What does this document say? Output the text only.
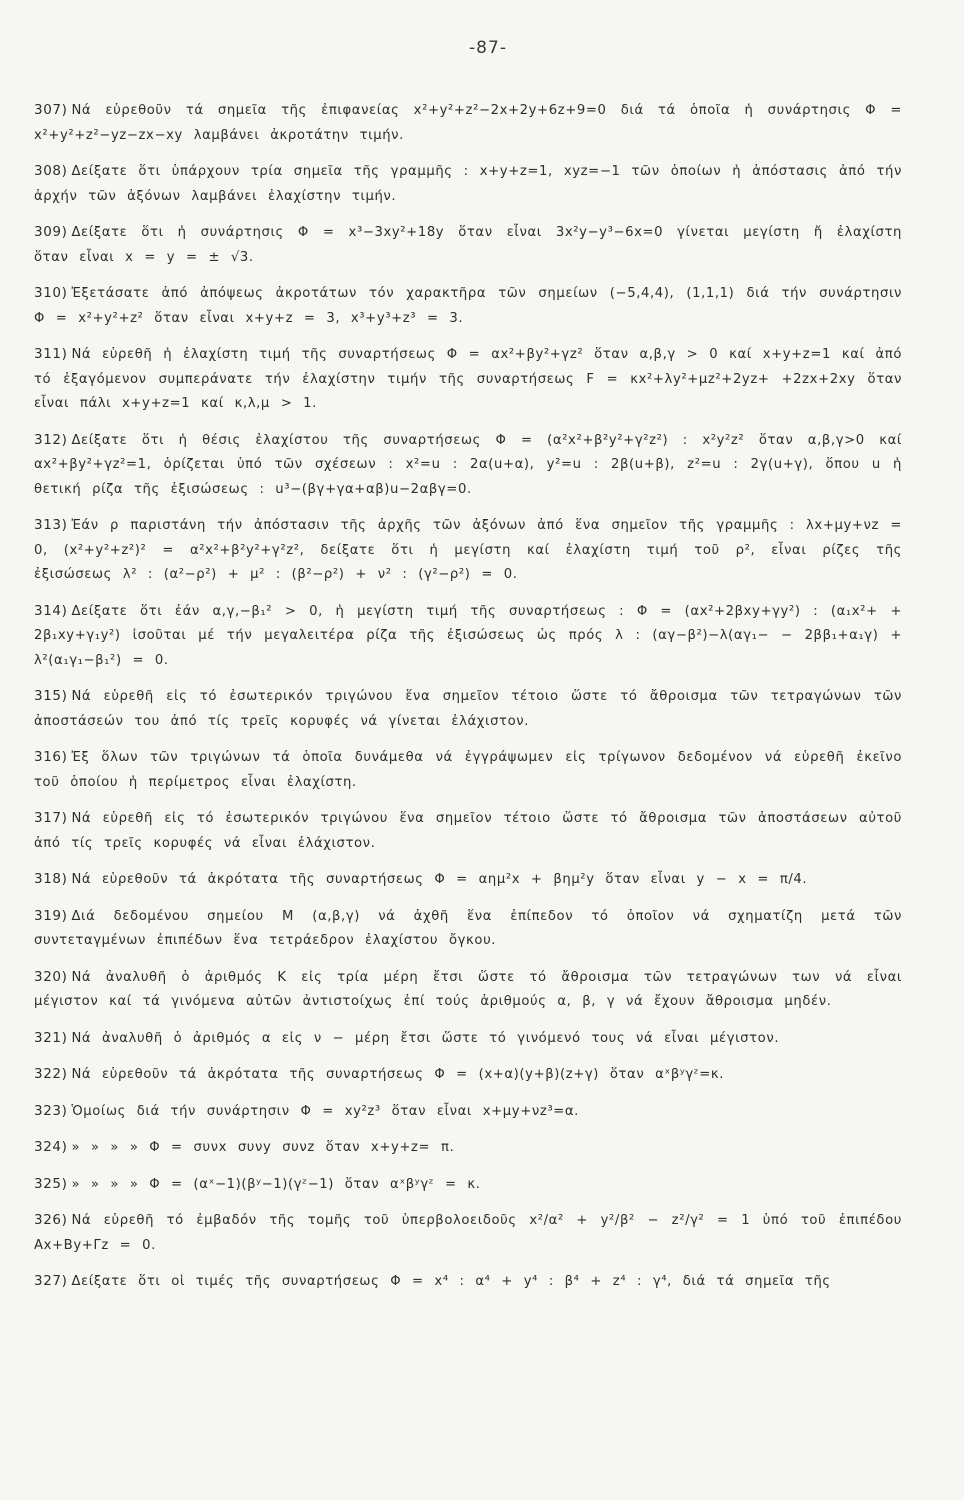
-87-
307) Νά εὑρεθοῦν τά σημεῖα τῆς ἐπιφανείας x²+y²+z²−2x+2y+6z+9=0 διά τά ὁποῖα ἡ συνάρτησις Φ = x²+y²+z²−yz−zx−xy λαμβάνει ἀκροτάτην τιμήν.
308) Δείξατε ὅτι ὑπάρχουν τρία σημεῖα τῆς γραμμῆς : x+y+z=1, xyz=−1 τῶν ὁποίων ἡ ἀπόστασις ἀπό τήν ἀρχήν τῶν ἀξόνων λαμβάνει ἐλαχίστην τιμήν.
309) Δείξατε ὅτι ἡ συνάρτησις Φ = x³−3xy²+18y ὅταν εἶναι 3x²y−y³−6x=0 γίνεται μεγίστη ἤ ἐλαχίστη ὅταν εἶναι x = y = ± √3.
310) Ἐξετάσατε ἀπό ἀπόψεως ἀκροτάτων τόν χαρακτῆρα τῶν σημείων (−5,4,4), (1,1,1) διά τήν συνάρτησιν Φ = x²+y²+z² ὅταν εἶναι x+y+z = 3, x³+y³+z³ = 3.
311) Νά εὑρεθῆ ἡ ἐλαχίστη τιμή τῆς συναρτήσεως Φ = αx²+βy²+γz² ὅταν α,β,γ > 0 καί x+y+z=1 καί ἀπό τό ἐξαγόμενον συμπεράνατε τήν ἐλαχίστην τιμήν τῆς συναρτήσεως F = κx²+λy²+μz²+2yz+ +2zx+2xy ὅταν εἶναι πάλι x+y+z=1 καί κ,λ,μ > 1.
312) Δείξατε ὅτι ἡ θέσις ἐλαχίστου τῆς συναρτήσεως Φ = (α²x²+β²y²+γ²z²) : x²y²z² ὅταν α,β,γ>0 καί αx²+βy²+γz²=1, ὁρίζεται ὑπό τῶν σχέσεων : x²=u : 2α(u+α), y²=u : 2β(u+β), z²=u : 2γ(u+γ), ὅπου u ἡ θετική ρίζα τῆς ἐξισώσεως : u³−(βγ+γα+αβ)u−2αβγ=0.
313) Ἐάν ρ παριστάνη τήν ἀπόστασιν τῆς ἀρχῆς τῶν ἀξόνων ἀπό ἕνα σημεῖον τῆς γραμμῆς : λx+μy+νz = 0, (x²+y²+z²)² = α²x²+β²y²+γ²z², δείξατε ὅτι ἡ μεγίστη καί ἐλαχίστη τιμή τοῦ ρ², εἶναι ρίζες τῆς ἐξισώσεως λ² : (α²−ρ²) + μ² : (β²−ρ²) + ν² : (γ²−ρ²) = 0.
314) Δείξατε ὅτι ἐάν α,γ,−β₁² > 0, ἡ μεγίστη τιμή τῆς συναρτήσεως : Φ = (αx²+2βxy+γy²) : (α₁x²+ + 2β₁xy+γ₁y²) ἰσοῦται μέ τήν μεγαλειτέρα ρίζα τῆς ἐξισώσεως ὡς πρός λ : (αγ−β²)−λ(αγ₁− − 2ββ₁+α₁γ) + λ²(α₁γ₁−β₁²) = 0.
315) Νά εὑρεθῆ εἰς τό ἐσωτερικόν τριγώνου ἕνα σημεῖον τέτοιο ὥστε τό ἄθροισμα τῶν τετραγώνων τῶν ἀποστάσεών του ἀπό τίς τρεῖς κορυφές νά γίνεται ἐλάχιστον.
316) Ἐξ ὅλων τῶν τριγώνων τά ὁποῖα δυνάμεθα νά ἐγγράψωμεν εἰς τρίγωνον δεδομένον νά εὑρεθῆ ἐκεῖνο τοῦ ὁποίου ἡ περίμετρος εἶναι ἐλαχίστη.
317) Νά εὑρεθῆ εἰς τό ἐσωτερικόν τριγώνου ἕνα σημεῖον τέτοιο ὥστε τό ἄθροισμα τῶν ἀποστάσεων αὐτοῦ ἀπό τίς τρεῖς κορυφές νά εἶναι ἐλάχιστον.
318) Νά εὑρεθοῦν τά ἀκρότατα τῆς συναρτήσεως Φ = αημ²x + βημ²y ὅταν εἶναι y − x = π/4.
319) Διά δεδομένου σημείου Μ (α,β,γ) νά ἀχθῆ ἕνα ἐπίπεδον τό ὁποῖον νά σχηματίζη μετά τῶν συντεταγμένων ἐπιπέδων ἕνα τετράεδρον ἐλαχίστου ὄγκου.
320) Νά ἀναλυθῆ ὁ ἀριθμός Κ εἰς τρία μέρη ἔτσι ὥστε τό ἄθροισμα τῶν τετραγώνων των νά εἶναι μέγιστον καί τά γινόμενα αὐτῶν ἀντιστοίχως ἐπί τούς ἀριθμούς α, β, γ νά ἔχουν ἄθροισμα μηδέν.
321) Νά ἀναλυθῆ ὁ ἀριθμός α εἰς ν − μέρη ἔτσι ὥστε τό γινόμενό τους νά εἶναι μέγιστον.
322) Νά εὑρεθοῦν τά ἀκρότατα τῆς συναρτήσεως Φ = (x+α)(y+β)(z+γ) ὅταν αˣβʸγᶻ=κ.
323) Ὁμοίως διά τήν συνάρτησιν Φ = xy²z³ ὅταν εἶναι x+μy+νz³=α.
324) » » » » Φ = συνx συνy συνz ὅταν x+y+z= π.
325) » » » » Φ = (αˣ−1)(βʸ−1)(γᶻ−1) ὅταν αˣβʸγᶻ = κ.
326) Νά εὑρεθῆ τό ἐμβαδόν τῆς τομῆς τοῦ ὑπερβολοειδοῦς x²/α² + y²/β² − z²/γ² = 1 ὑπό τοῦ ἐπιπέδου Αx+Βy+Γz = 0.
327) Δείξατε ὅτι οἱ τιμές τῆς συναρτήσεως Φ = x⁴ : α⁴ + y⁴ : β⁴ + z⁴ : γ⁴, διά τά σημεῖα τῆς
